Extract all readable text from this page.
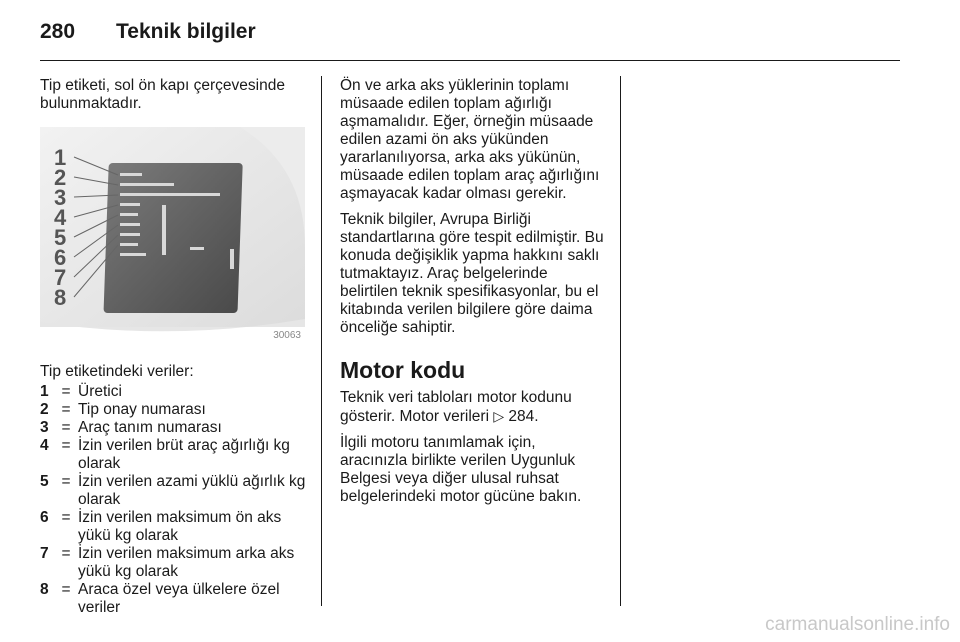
280 Teknik bilgiler

Tip etiketi, sol ön kapı çerçevesinde bulunmaktadır.

1
2
3
4
5
6
7
8
30063

Tip etiketindeki veriler:

1 = Üretici
2 = Tip onay numarası
3 = Araç tanım numarası
4 = İzin verilen brüt araç ağırlığı kg olarak
5 = İzin verilen azami yüklü ağırlık kg olarak
6 = İzin verilen maksimum ön aks yükü kg olarak
7 = İzin verilen maksimum arka aks yükü kg olarak
8 = Araca özel veya ülkelere özel veriler

Ön ve arka aks yüklerinin toplamı müsaade edilen toplam ağırlığı aşmamalıdır. Eğer, örneğin müsaade edilen azami ön aks yükünden yararlanılıyorsa, arka aks yükünün, müsaade edilen toplam araç ağırlığını aşmayacak kadar olması gerekir.

Teknik bilgiler, Avrupa Birliği standartlarına göre tespit edilmiştir. Bu konuda değişiklik yapma hakkını saklı tutmaktayız. Araç belgelerinde belirtilen teknik spesifikasyonlar, bu el kitabında verilen bilgilere göre daima önceliğe sahiptir.

Motor kodu

Teknik veri tabloları motor kodunu gösterir. Motor verileri ▷ 284.

İlgili motoru tanımlamak için, aracınızla birlikte verilen Uygunluk Belgesi veya diğer ulusal ruhsat belgelerindeki motor gücüne bakın.

carmanualsonline.info
